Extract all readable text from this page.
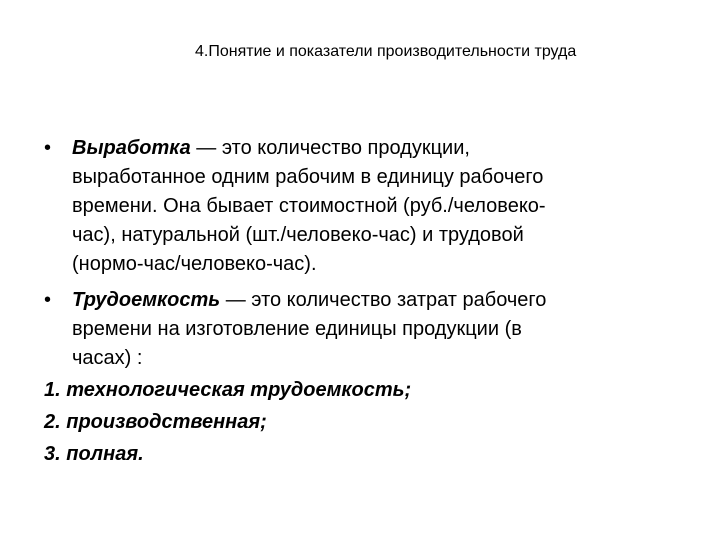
4.Понятие и показатели производительности труда
• Выработка — это количество продукции,
выработанное одним рабочим в единицу рабочего
времени. Она бывает стоимостной (руб./человеко-
час), натуральной (шт./человеко-час) и трудовой
(нормо-час/человеко-час).
• Трудоемкость — это количество затрат рабочего
времени на изготовление единицы продукции (в
часах) :
1. технологическая трудоемкость;
2. производственная;
3. полная.
